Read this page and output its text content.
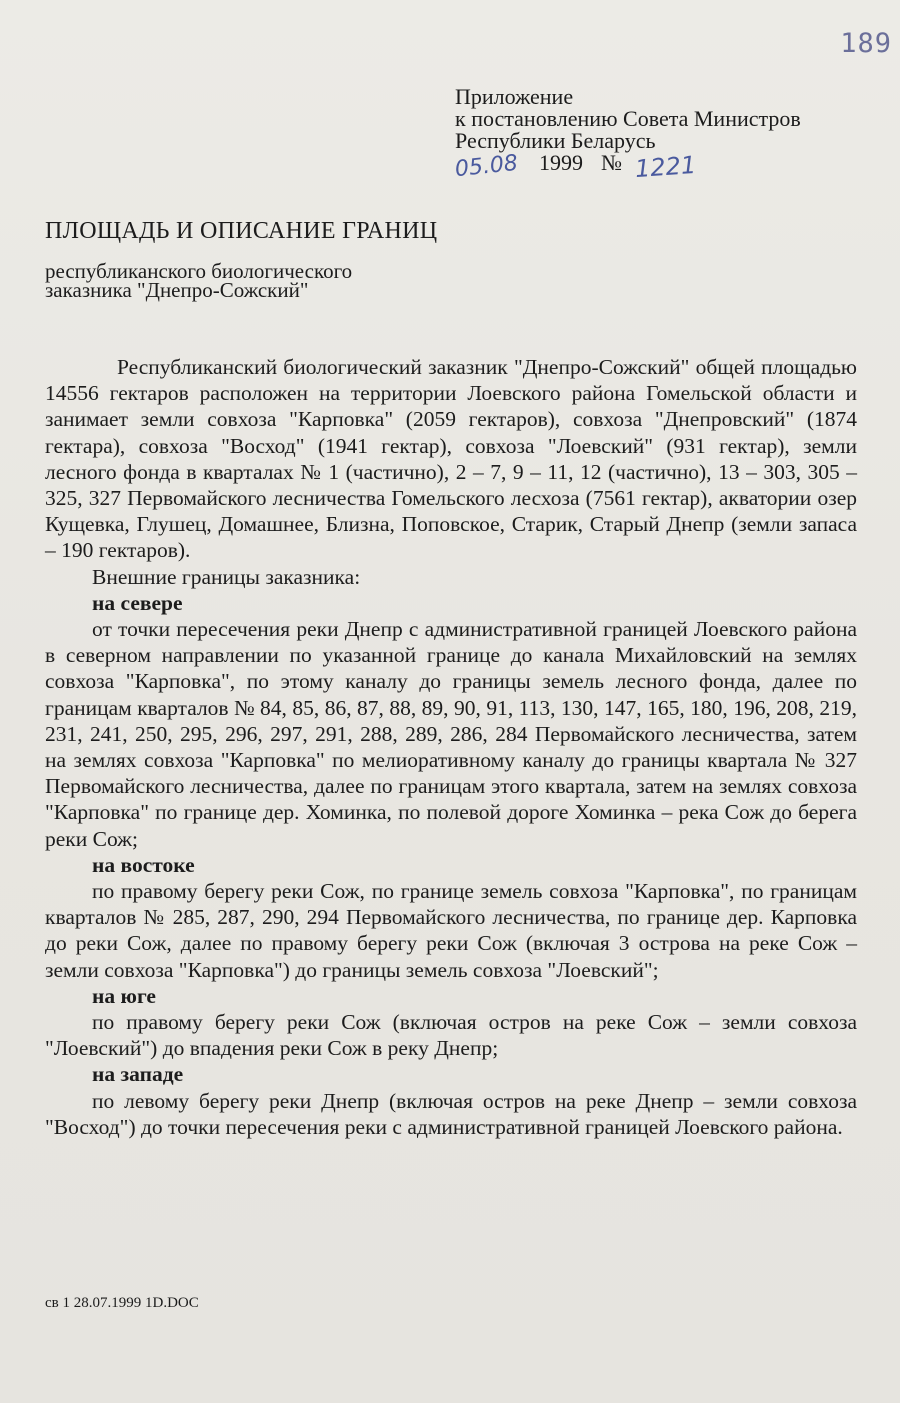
189
Приложение
к постановлению Совета Министров
Республики Беларусь
05.08 1999 № 1221
ПЛОЩАДЬ И ОПИСАНИЕ ГРАНИЦ
республиканского биологического
заказника "Днепро-Сожский"

Республиканский биологический заказник "Днепро-Сожский" общей площадью 14556 гектаров расположен на территории Лоевского района Гомельской области и занимает земли совхоза "Карповка" (2059 гектаров), совхоза "Днепровский" (1874 гектара), совхоза "Восход" (1941 гектар), совхоза "Лоевский" (931 гектар), земли лесного фонда в кварталах № 1 (частично), 2 – 7, 9 – 11, 12 (частично), 13 – 303, 305 – 325, 327 Первомайского лесничества Гомельского лесхоза (7561 гектар), акватории озер Кущевка, Глушец, Домашнее, Близна, Поповское, Старик, Старый Днепр (земли запаса – 190 гектаров).

Внешние границы заказника:

на севере

от точки пересечения реки Днепр с административной границей Лоевского района в северном направлении по указанной границе до канала Михайловский на землях совхоза "Карповка", по этому каналу до границы земель лесного фонда, далее по границам кварталов № 84, 85, 86, 87, 88, 89, 90, 91, 113, 130, 147, 165, 180, 196, 208, 219, 231, 241, 250, 295, 296, 297, 291, 288, 289, 286, 284 Первомайского лесничества, затем на землях совхоза "Карповка" по мелиоративному каналу до границы квартала № 327 Первомайского лесничества, далее по границам этого квартала, затем на землях совхоза "Карповка" по границе дер. Хоминка, по полевой дороге Хоминка – река Сож до берега реки Сож;

на востоке

по правому берегу реки Сож, по границе земель совхоза "Карповка", по границам кварталов № 285, 287, 290, 294 Первомайского лесничества, по границе дер. Карповка до реки Сож, далее по правому берегу реки Сож (включая 3 острова на реке Сож – земли совхоза "Карповка") до границы земель совхоза "Лоевский";

на юге

по правому берегу реки Сож (включая остров на реке Сож – земли совхоза "Лоевский") до впадения реки Сож в реку Днепр;

на западе

по левому берегу реки Днепр (включая остров на реке Днепр – земли совхоза "Восход") до точки пересечения реки с административной границей Лоевского района.

св 1 28.07.1999 1D.DOC
